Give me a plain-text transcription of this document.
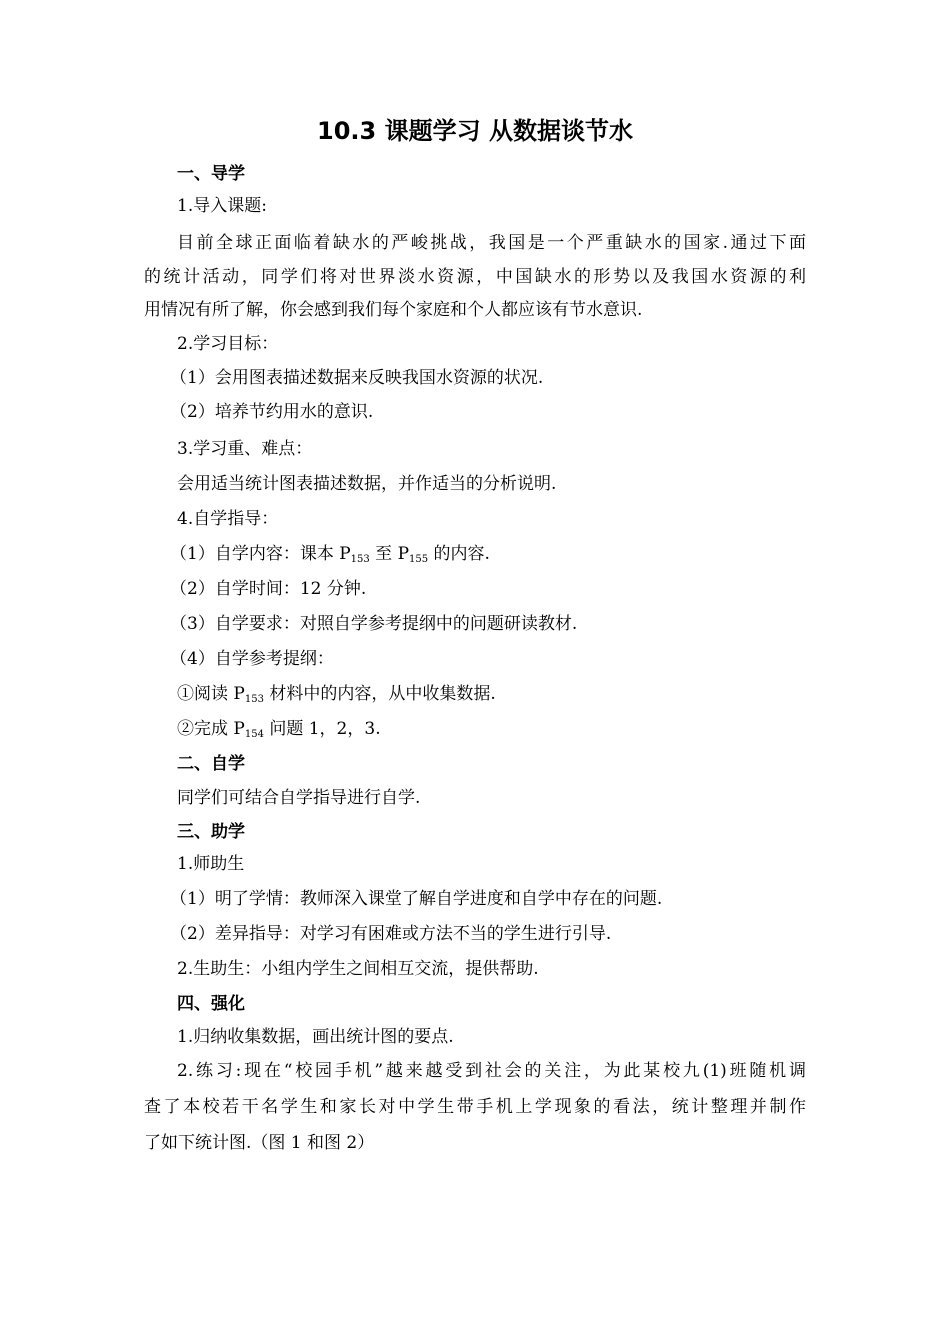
10.3 课题学习 从数据谈节水
一、导学
1.导入课题:
目前全球正面临着缺水的严峻挑战，我国是一个严重缺水的国家.通过下面
的统计活动，同学们将对世界淡水资源，中国缺水的形势以及我国水资源的利
用情况有所了解，你会感到我们每个家庭和个人都应该有节水意识.
2.学习目标：
（1）会用图表描述数据来反映我国水资源的状况.
（2）培养节约用水的意识.
3.学习重、难点：
会用适当统计图表描述数据，并作适当的分析说明.
4.自学指导：
（1）自学内容：课本 $P_{153}$ 至 $P_{155}$ 的内容.
（2）自学时间：12 分钟.
（3）自学要求：对照自学参考提纲中的问题研读教材.
（4）自学参考提纲：
①阅读 $P_{153}$ 材料中的内容，从中收集数据.
②完成 $P_{154}$ 问题 1，2，3.
二、自学
同学们可结合自学指导进行自学.
三、助学
1.师助生
（1）明了学情：教师深入课堂了解自学进度和自学中存在的问题.
（2）差异指导：对学习有困难或方法不当的学生进行引导.
2.生助生：小组内学生之间相互交流，提供帮助.
四、强化
1.归纳收集数据，画出统计图的要点.
2.练习:现在“校园手机”越来越受到社会的关注，为此某校九(1)班随机调
查了本校若干名学生和家长对中学生带手机上学现象的看法，统计整理并制作
了如下统计图.（图 1 和图 2）
